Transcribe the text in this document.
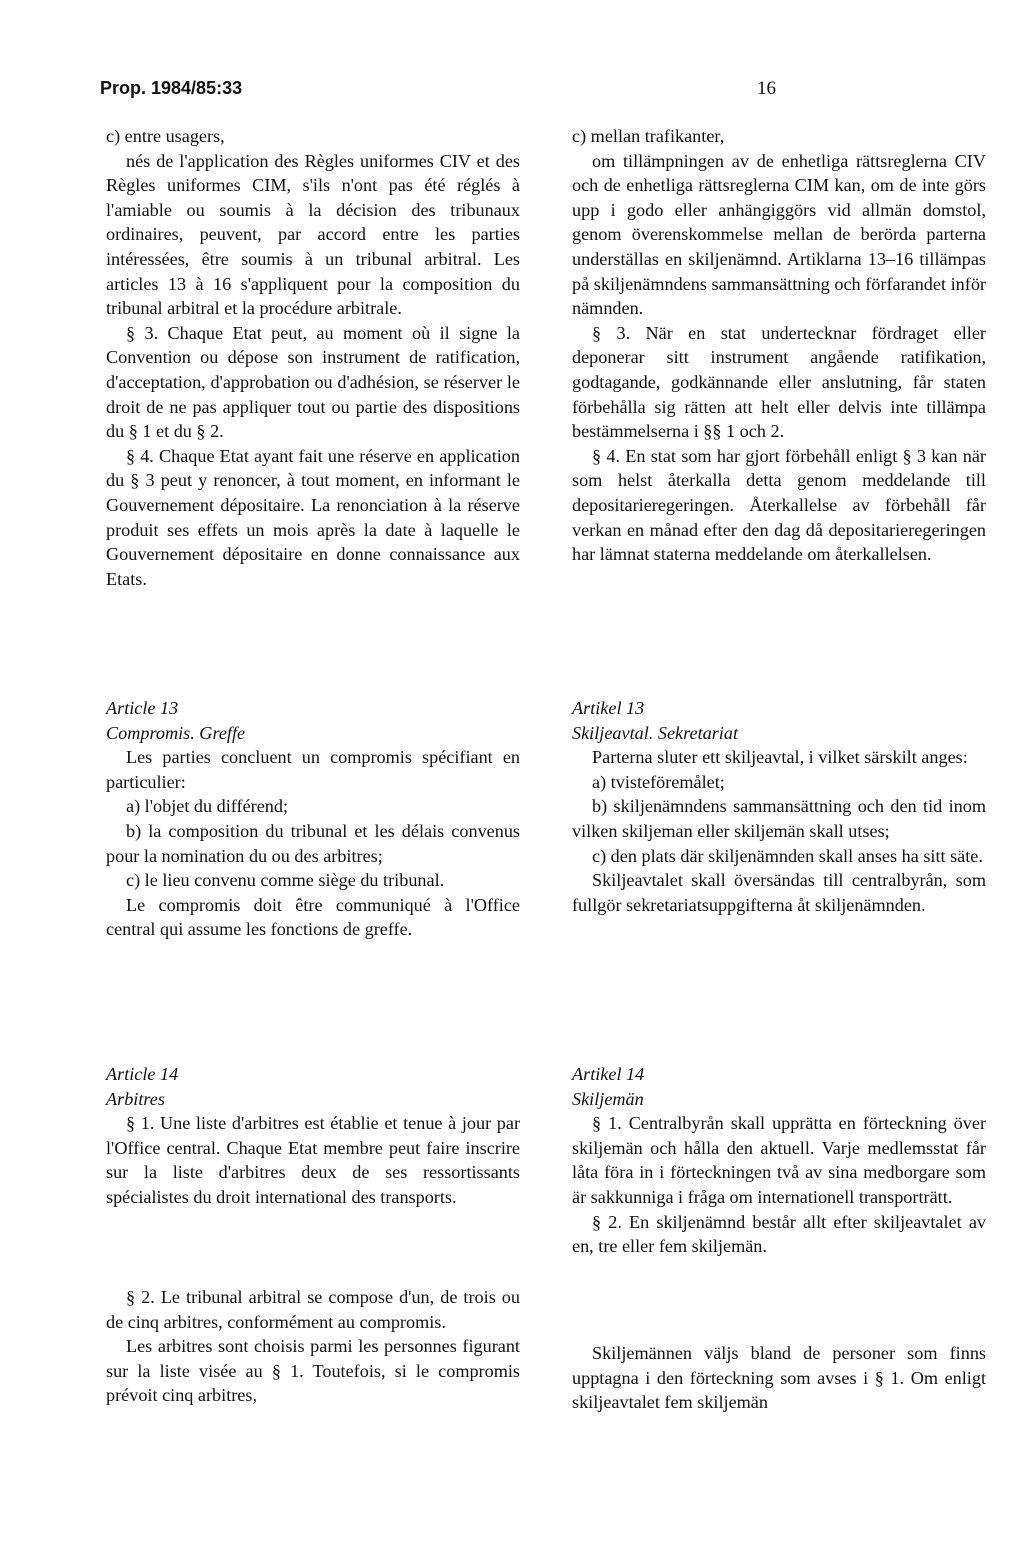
Prop. 1984/85:33	16

c) entre usagers,

nés de l'application des Règles uniformes CIV et des Règles uniformes CIM, s'ils n'ont pas été réglés à l'amiable ou soumis à la décision des tribunaux ordinaires, peuvent, par accord entre les parties intéressées, être soumis à un tribunal arbitral. Les articles 13 à 16 s'appliquent pour la composition du tribunal arbitral et la procédure arbitrale.

§ 3. Chaque Etat peut, au moment où il signe la Convention ou dépose son instrument de ratification, d'acceptation, d'approbation ou d'adhésion, se réserver le droit de ne pas appliquer tout ou partie des dispositions du § 1 et du § 2.

§ 4. Chaque Etat ayant fait une réserve en application du § 3 peut y renoncer, à tout moment, en informant le Gouvernement dépositaire. La renonciation à la réserve produit ses effets un mois après la date à laquelle le Gouvernement dépositaire en donne connaissance aux Etats.

Article 13

Compromis. Greffe

Les parties concluent un compromis spécifiant en particulier:

a) l'objet du différend;

b) la composition du tribunal et les délais convenus pour la nomination du ou des arbitres;

c) le lieu convenu comme siège du tribunal.

Le compromis doit être communiqué à l'Office central qui assume les fonctions de greffe.

Article 14

Arbitres

§ 1. Une liste d'arbitres est établie et tenue à jour par l'Office central. Chaque Etat membre peut faire inscrire sur la liste d'arbitres deux de ses ressortissants spécialistes du droit international des transports.

§ 2. Le tribunal arbitral se compose d'un, de trois ou de cinq arbitres, conformément au compromis.

Les arbitres sont choisis parmi les personnes figurant sur la liste visée au § 1. Toutefois, si le compromis prévoit cinq arbitres,

c) mellan trafikanter,

om tillämpningen av de enhetliga rättsreglerna CIV och de enhetliga rättsreglerna CIM kan, om de inte görs upp i godo eller anhängiggörs vid allmän domstol, genom överenskommelse mellan de berörda parterna underställas en skiljenämnd. Artiklarna 13–16 tillämpas på skiljenämndens sammansättning och förfarandet inför nämnden.

§ 3. När en stat undertecknar fördraget eller deponerar sitt instrument angående ratifikation, godtagande, godkännande eller anslutning, får staten förbehålla sig rätten att helt eller delvis inte tillämpa bestämmelserna i §§ 1 och 2.

§ 4. En stat som har gjort förbehåll enligt § 3 kan när som helst återkalla detta genom meddelande till depositarieregeringen. Återkallelse av förbehåll får verkan en månad efter den dag då depositarieregeringen har lämnat staterna meddelande om återkallelsen.

Artikel 13

Skiljeavtal. Sekretariat

Parterna sluter ett skiljeavtal, i vilket särskilt anges:

a) tvisteföremålet;

b) skiljenämndens sammansättning och den tid inom vilken skiljeman eller skiljemän skall utses;

c) den plats där skiljenämnden skall anses ha sitt säte.

Skiljeavtalet skall översändas till centralbyrån, som fullgör sekretariatsuppgifterna åt skiljenämnden.

Artikel 14

Skiljemän

§ 1. Centralbyrån skall upprätta en förteckning över skiljemän och hålla den aktuell. Varje medlemsstat får låta föra in i förteckningen två av sina medborgare som är sakkunniga i fråga om internationell transporträtt.

§ 2. En skiljenämnd består allt efter skiljeavtalet av en, tre eller fem skiljemän.

Skiljemännen väljs bland de personer som finns upptagna i den förteckning som avses i § 1. Om enligt skiljeavtalet fem skiljemän
